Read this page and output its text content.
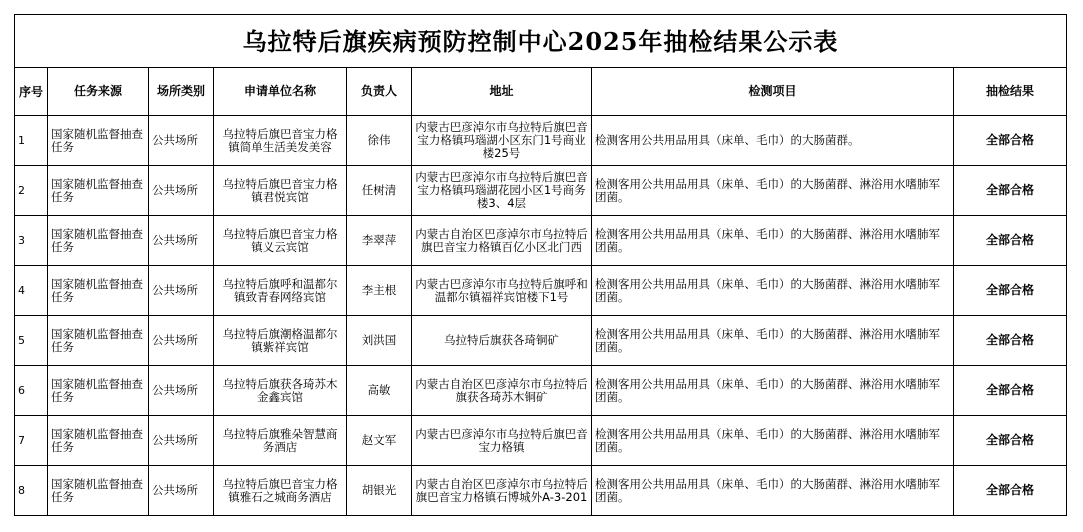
乌拉特后旗疾病预防控制中心2025年抽检结果公示表							
序号	任务来源	场所类别	申请单位名称	负责人	地址	检测项目	抽检结果
1	国家随机监督抽查任务	公共场所	乌拉特后旗巴音宝力格镇简单生活美发美容	徐伟	内蒙古巴彦淖尔市乌拉特后旗巴音宝力格镇玛瑙湖小区东门1号商业楼25号	检测客用公共用品用具（床单、毛巾）的大肠菌群。	全部合格
2	国家随机监督抽查任务	公共场所	乌拉特后旗巴音宝力格镇君悦宾馆	任树清	内蒙古巴彦淖尔市乌拉特后旗巴音宝力格镇玛瑙湖花园小区1号商务楼3、4层	检测客用公共用品用具（床单、毛巾）的大肠菌群、淋浴用水嗜肺军团菌。	全部合格
3	国家随机监督抽查任务	公共场所	乌拉特后旗巴音宝力格镇义云宾馆	李翠萍	内蒙古自治区巴彦淖尔市乌拉特后旗巴音宝力格镇百亿小区北门西	检测客用公共用品用具（床单、毛巾）的大肠菌群、淋浴用水嗜肺军团菌。	全部合格
4	国家随机监督抽查任务	公共场所	乌拉特后旗呼和温都尔镇致青春网络宾馆	李主根	内蒙古巴彦淖尔市乌拉特后旗呼和温都尔镇福祥宾馆楼下1号	检测客用公共用品用具（床单、毛巾）的大肠菌群、淋浴用水嗜肺军团菌。	全部合格
5	国家随机监督抽查任务	公共场所	乌拉特后旗潮格温都尔镇紫祥宾馆	刘洪国	乌拉特后旗获各琦铜矿	检测客用公共用品用具（床单、毛巾）的大肠菌群、淋浴用水嗜肺军团菌。	全部合格
6	国家随机监督抽查任务	公共场所	乌拉特后旗获各琦苏木金鑫宾馆	高敏	内蒙古自治区巴彦淖尔市乌拉特后旗获各琦苏木铜矿	检测客用公共用品用具（床单、毛巾）的大肠菌群、淋浴用水嗜肺军团菌。	全部合格
7	国家随机监督抽查任务	公共场所	乌拉特后旗雅朵智慧商务酒店	赵文军	内蒙古巴彦淖尔市乌拉特后旗巴音宝力格镇	检测客用公共用品用具（床单、毛巾）的大肠菌群、淋浴用水嗜肺军团菌。	全部合格
8	国家随机监督抽查任务	公共场所	乌拉特后旗巴音宝力格镇雅石之城商务酒店	胡银光	内蒙古自治区巴彦淖尔市乌拉特后旗巴音宝力格镇石博城外A-3-201	检测客用公共用品用具（床单、毛巾）的大肠菌群、淋浴用水嗜肺军团菌。	全部合格
